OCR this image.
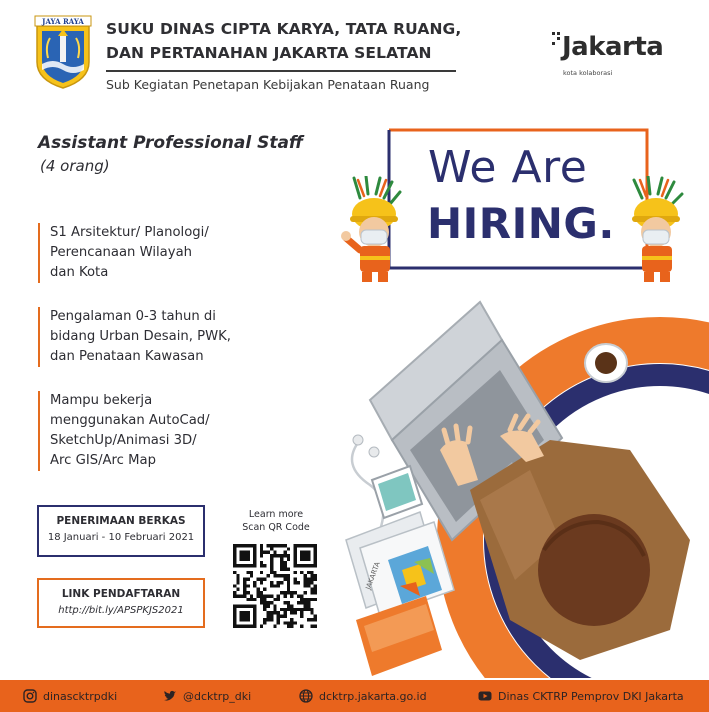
JAYA RAYA SUKU DINAS CIPTA KARYA, TATA RUANG,
DAN PERTANAHAN JAKARTA SELATAN
Sub Kegiatan Penetapan Kebijakan Penataan Ruang
Jakarta
kota kolaborasi
Assistant Professional Staff
(4 orang)
S1 Arsitektur/ Planologi/
Perencanaan Wilayah
dan Kota
Pengalaman 0-3 tahun di
bidang Urban Desain, PWK,
dan Penataan Kawasan
Mampu bekerja
menggunakan AutoCad/
SketchUp/Animasi 3D/
Arc GIS/Arc Map
PENERIMAAN BERKAS
18 Januari - 10 Februari 2021
LINK PENDAFTARAN
http://bit.ly/APSPKJS2021
Learn more
Scan QR Code
We Are
HIRING.
JAKARTA
dinascktrpdki	@dcktrp_dki	dcktrp.jakarta.go.id	Dinas CKTRP Pemprov DKI Jakarta
